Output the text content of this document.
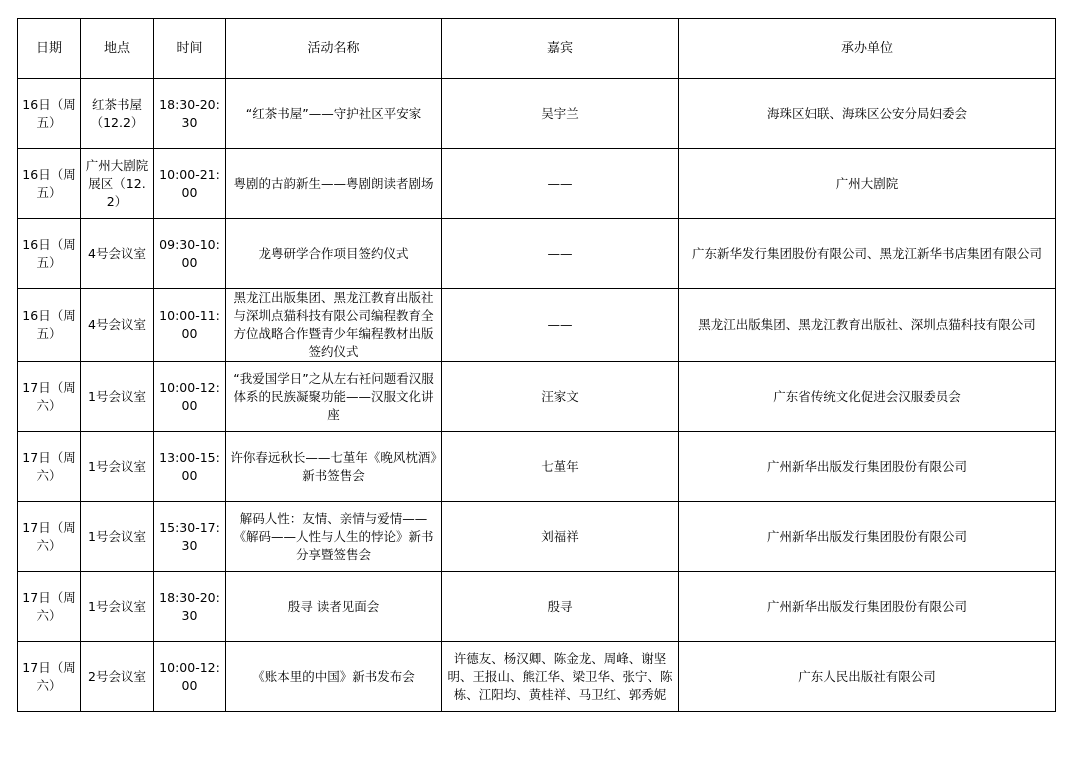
日期	地点	时间	活动名称	嘉宾	承办单位
16日（周五）	红茶书屋（12.2）	18:30-20:30	“红茶书屋”——守护社区平安家	吴宇兰	海珠区妇联、海珠区公安分局妇委会
16日（周五）	广州大剧院展区（12.2）	10:00-21:00	粤剧的古韵新生——粤剧朗读者剧场	——	广州大剧院
16日（周五）	4号会议室	09:30-10:00	龙粤研学合作项目签约仪式	——	广东新华发行集团股份有限公司、黑龙江新华书店集团有限公司
16日（周五）	4号会议室	10:00-11:00	黑龙江出版集团、黑龙江教育出版社与深圳点猫科技有限公司编程教育全方位战略合作暨青少年编程教材出版签约仪式	——	黑龙江出版集团、黑龙江教育出版社、深圳点猫科技有限公司
17日（周六）	1号会议室	10:00-12:00	“我爱国学日”之从左右衽问题看汉服体系的民族凝聚功能——汉服文化讲座	汪家文	广东省传统文化促进会汉服委员会
17日（周六）	1号会议室	13:00-15:00	许你春远秋长——七堇年《晚风枕酒》新书签售会	七堇年	广州新华出版发行集团股份有限公司
17日（周六）	1号会议室	15:30-17:30	解码人性：友情、亲情与爱情——《解码——人性与人生的悖论》新书分享暨签售会	刘福祥	广州新华出版发行集团股份有限公司
17日（周六）	1号会议室	18:30-20:30	殷寻 读者见面会	殷寻	广州新华出版发行集团股份有限公司
17日（周六）	2号会议室	10:00-12:00	《账本里的中国》新书发布会	许德友、杨汉卿、陈金龙、周峰、谢坚明、王报山、熊江华、梁卫华、张宁、陈栋、江阳均、黄桂祥、马卫红、郭秀妮	广东人民出版社有限公司
